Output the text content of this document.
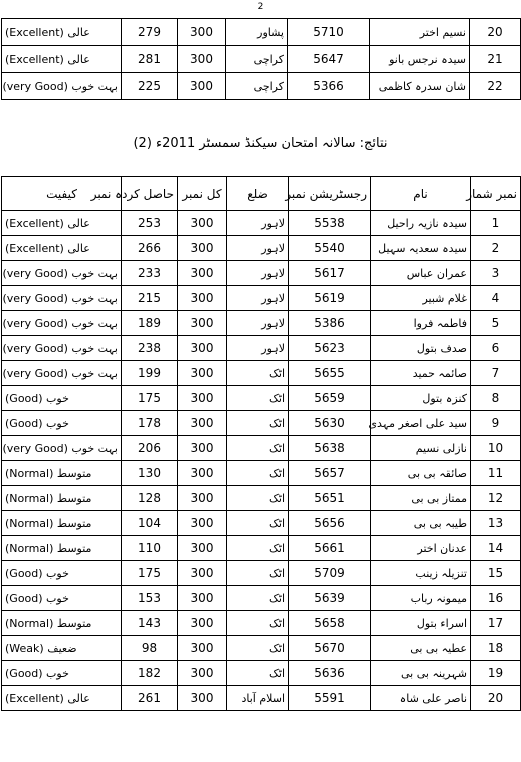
2
20	نسیم اختر	5710	پشاور	300	279	عالی (Excellent)	
21	سیدہ نرجس بانو	5647	کراچی	300	281	عالی (Excellent)	
22	شان سدرہ کاظمی	5366	کراچی	300	225	بہت خوب (very Good)	
نتائج: سالانہ امتحان سیکنڈ سمسٹر 2011ء (2)
نمبر شمار	نام	رجسٹریشن نمبر	ضلع	کل نمبر	حاصل کردہ نمبر	کیفیت	
1	سیدہ نازیہ راحیل	5538	لاہور	300	253	عالی (Excellent)	
2	سیدہ سعدیہ سہیل	5540	لاہور	300	266	عالی (Excellent)	
3	عمران عباس	5617	لاہور	300	233	بہت خوب (very Good)	
4	غلام شبیر	5619	لاہور	300	215	بہت خوب (very Good)	
5	فاطمہ فروا	5386	لاہور	300	189	بہت خوب (very Good)	
6	صدف بتول	5623	لاہور	300	238	بہت خوب (very Good)	
7	صائمہ حمید	5655	اٹک	300	199	بہت خوب (very Good)	
8	کنزہ بتول	5659	اٹک	300	175	خوب (Good)	
9	سید علی اصغر مہدی	5630	اٹک	300	178	خوب (Good)	
10	نازلی نسیم	5638	اٹک	300	206	بہت خوب (very Good)	
11	صائقہ بی بی	5657	اٹک	300	130	متوسط (Normal)	
12	ممتاز بی بی	5651	اٹک	300	128	متوسط (Normal)	
13	طیبہ بی بی	5656	اٹک	300	104	متوسط (Normal)	
14	عدنان اختر	5661	اٹک	300	110	متوسط (Normal)	
15	تنزیلہ زینب	5709	اٹک	300	175	خوب (Good)	
16	میمونہ رباب	5639	اٹک	300	153	خوب (Good)	
17	اسراء بتول	5658	اٹک	300	143	متوسط (Normal)	
18	عطیہ بی بی	5670	اٹک	300	98	ضعیف (Weak)	
19	شہرینہ بی بی	5636	اٹک	300	182	خوب (Good)	
20	ناصر علی شاہ	5591	اسلام آباد	300	261	عالی (Excellent)	
